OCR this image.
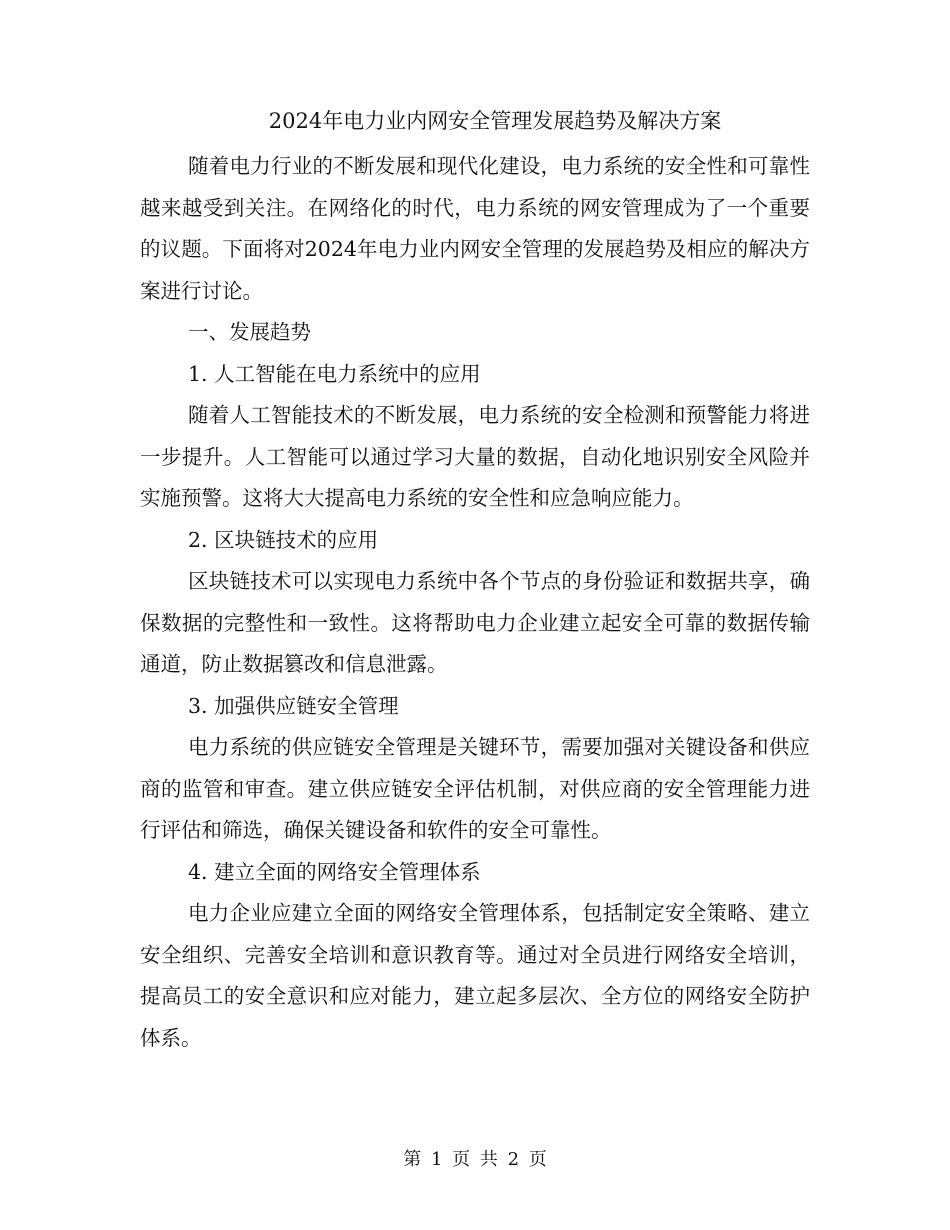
2024年电力业内网安全管理发展趋势及解决方案

随着电力行业的不断发展和现代化建设，电力系统的安全性和可靠性越来越受到关注。在网络化的时代，电力系统的网安管理成为了一个重要的议题。下面将对2024年电力业内网安全管理的发展趋势及相应的解决方案进行讨论。

一、发展趋势

1. 人工智能在电力系统中的应用

随着人工智能技术的不断发展，电力系统的安全检测和预警能力将进一步提升。人工智能可以通过学习大量的数据，自动化地识别安全风险并实施预警。这将大大提高电力系统的安全性和应急响应能力。

2. 区块链技术的应用

区块链技术可以实现电力系统中各个节点的身份验证和数据共享，确保数据的完整性和一致性。这将帮助电力企业建立起安全可靠的数据传输通道，防止数据篡改和信息泄露。

3. 加强供应链安全管理

电力系统的供应链安全管理是关键环节，需要加强对关键设备和供应商的监管和审查。建立供应链安全评估机制，对供应商的安全管理能力进行评估和筛选，确保关键设备和软件的安全可靠性。

4. 建立全面的网络安全管理体系

电力企业应建立全面的网络安全管理体系，包括制定安全策略、建立安全组织、完善安全培训和意识教育等。通过对全员进行网络安全培训，提高员工的安全意识和应对能力，建立起多层次、全方位的网络安全防护体系。

第 1 页 共 2 页
